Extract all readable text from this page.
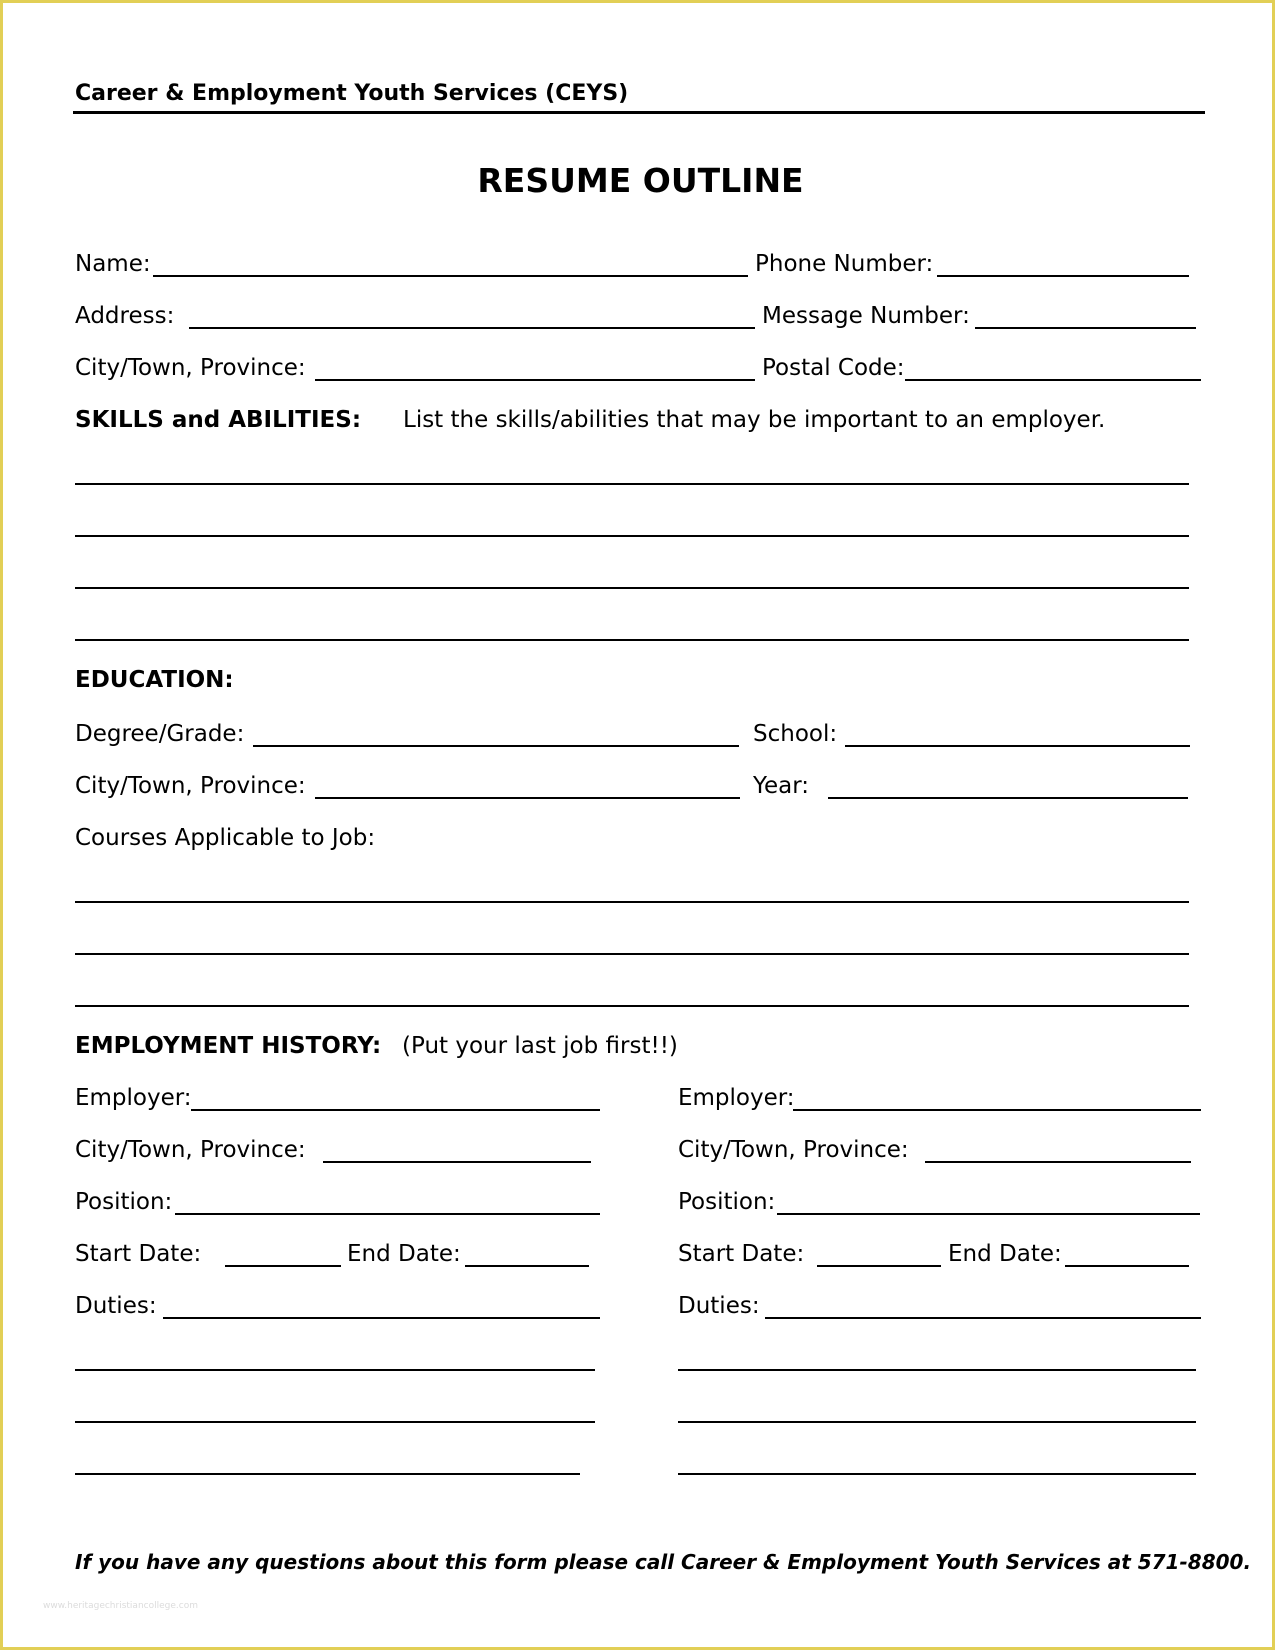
Career & Employment Youth Services (CEYS)
RESUME OUTLINE
Name:	Phone Number:
Address:	Message Number:
City/Town, Province:	Postal Code:
SKILLS and ABILITIES: List the skills/abilities that may be important to an employer.
EDUCATION:
Degree/Grade:	School:
City/Town, Province:	Year:
Courses Applicable to Job:
EMPLOYMENT HISTORY: (Put your last job first!!)
Employer:
City/Town, Province:
Position:
Start Date:	End Date:
Duties:
Employer:
City/Town, Province:
Position:
Start Date:	End Date:
Duties:
If you have any questions about this form please call Career & Employment Youth Services at 571-8800.
www.heritagechristiancollege.com
